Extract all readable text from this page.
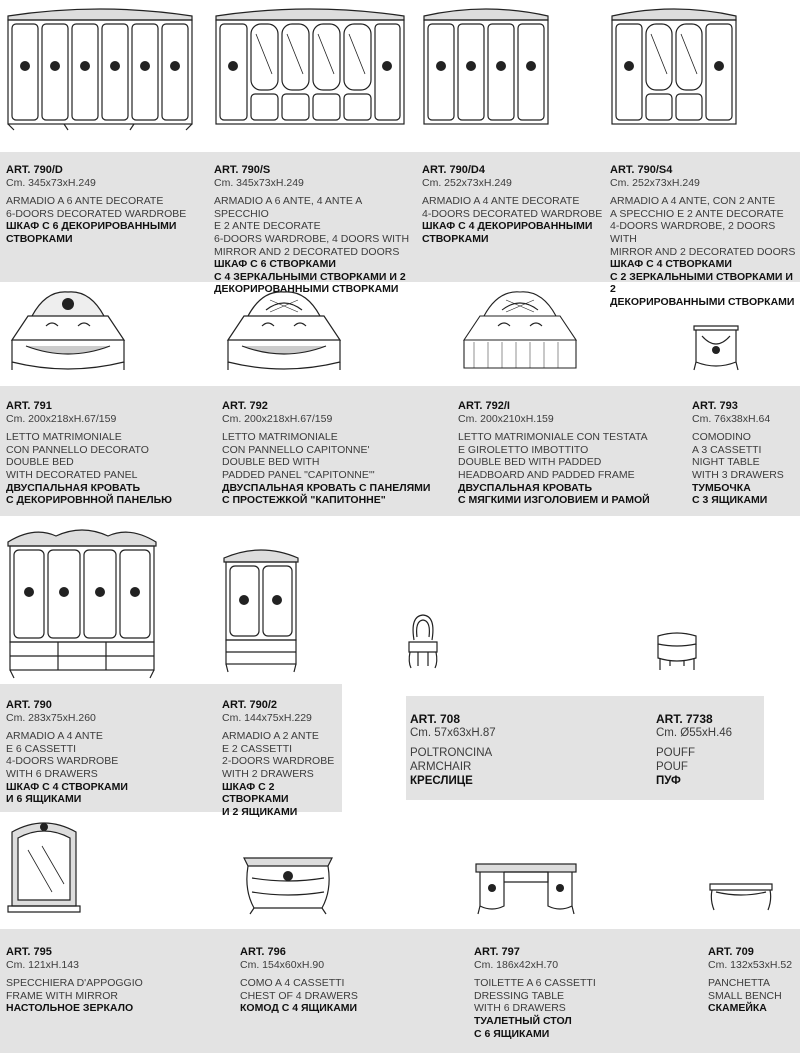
ART. 790/D
Cm. 345x73xH.249
ARMADIO A 6 ANTE DECORATE
6-DOORS DECORATED WARDROBE
ШКАФ С 6 ДЕКОРИРОВАННЫМИ
СТВОРКАМИ
ART. 790/S
Cm. 345x73xH.249
ARMADIO A 6 ANTE, 4 ANTE A SPECCHIO
E 2 ANTE DECORATE
6-DOORS WARDROBE, 4 DOORS WITH
MIRROR AND 2 DECORATED DOORS
ШКАФ С 6 СТВОРКАМИ
С 4 ЗЕРКАЛЬНЫМИ СТВОРКАМИ И 2
ДЕКОРИРОВАННЫМИ СТВОРКАМИ
ART. 790/D4
Cm. 252x73xH.249
ARMADIO A 4 ANTE DECORATE
4-DOORS DECORATED WARDROBE
ШКАФ С 4 ДЕКОРИРОВАННЫМИ
СТВОРКАМИ
ART. 790/S4
Cm. 252x73xH.249
ARMADIO A 4 ANTE, CON 2 ANTE
A SPECCHIO E 2 ANTE DECORATE
4-DOORS WARDROBE, 2 DOORS WITH
MIRROR AND 2 DECORATED DOORS
ШКАФ С 4 СТВОРКАМИ
С 2 ЗЕРКАЛЬНЫМИ СТВОРКАМИ И 2
ДЕКОРИРОВАННЫМИ СТВОРКАМИ
ART. 791
Cm. 200x218xH.67/159
LETTO MATRIMONIALE
CON PANNELLO DECORATO
DOUBLE BED
WITH DECORATED PANEL
ДВУСПАЛЬНАЯ КРОВАТЬ
С ДЕКОРИРОВННОЙ ПАНЕЛЬЮ
ART. 792
Cm. 200x218xH.67/159
LETTO MATRIMONIALE
CON PANNELLO CAPITONNE'
DOUBLE BED WITH
PADDED PANEL "CAPITONNE'"
ДВУСПАЛЬНАЯ КРОВАТЬ С ПАНЕЛЯМИ
С ПРОСТЕЖКОЙ "КАПИТОННЕ"
ART. 792/I
Cm. 200x210xH.159
LETTO MATRIMONIALE CON TESTATA
E GIROLETTO IMBOTTITO
DOUBLE BED WITH PADDED
HEADBOARD AND PADDED FRAME
ДВУСПАЛЬНАЯ КРОВАТЬ
С МЯГКИМИ ИЗГОЛОВИЕМ И РАМОЙ
ART. 793
Cm. 76x38xH.64
COMODINO
A 3 CASSETTI
NIGHT TABLE
WITH 3 DRAWERS
ТУМБОЧКА
С 3 ЯЩИКАМИ
ART. 790
Cm. 283x75xH.260
ARMADIO A 4 ANTE
E 6 CASSETTI
4-DOORS WARDROBE
WITH 6 DRAWERS
ШКАФ С 4 СТВОРКАМИ
И 6 ЯЩИКАМИ
ART. 790/2
Cm. 144x75xH.229
ARMADIO A 2 ANTE
E 2 CASSETTI
2-DOORS WARDROBE
WITH 2 DRAWERS
ШКАФ С 2 СТВОРКАМИ
И 2 ЯЩИКАМИ
ART. 708
Cm. 57x63xH.87
POLTRONCINA
ARMCHAIR
КРЕСЛИЦЕ
ART. 7738
Cm. Ø55xH.46
POUFF
POUF
ПУФ
ART. 795
Cm. 121xH.143
SPECCHIERA D'APPOGGIO
FRAME WITH MIRROR
НАСТОЛЬНОЕ ЗЕРКАЛО
ART. 796
Cm. 154x60xH.90
COMO A 4 CASSETTI
CHEST OF 4 DRAWERS
КОМОД С 4 ЯЩИКАМИ
ART. 797
Cm. 186x42xH.70
TOILETTE A 6 CASSETTI
DRESSING TABLE
WITH 6 DRAWERS
ТУАЛЕТНЫЙ СТОЛ
С 6 ЯЩИКАМИ
ART. 709
Cm. 132x53xH.52
PANCHETTA
SMALL BENCH
СКАМЕЙКА
